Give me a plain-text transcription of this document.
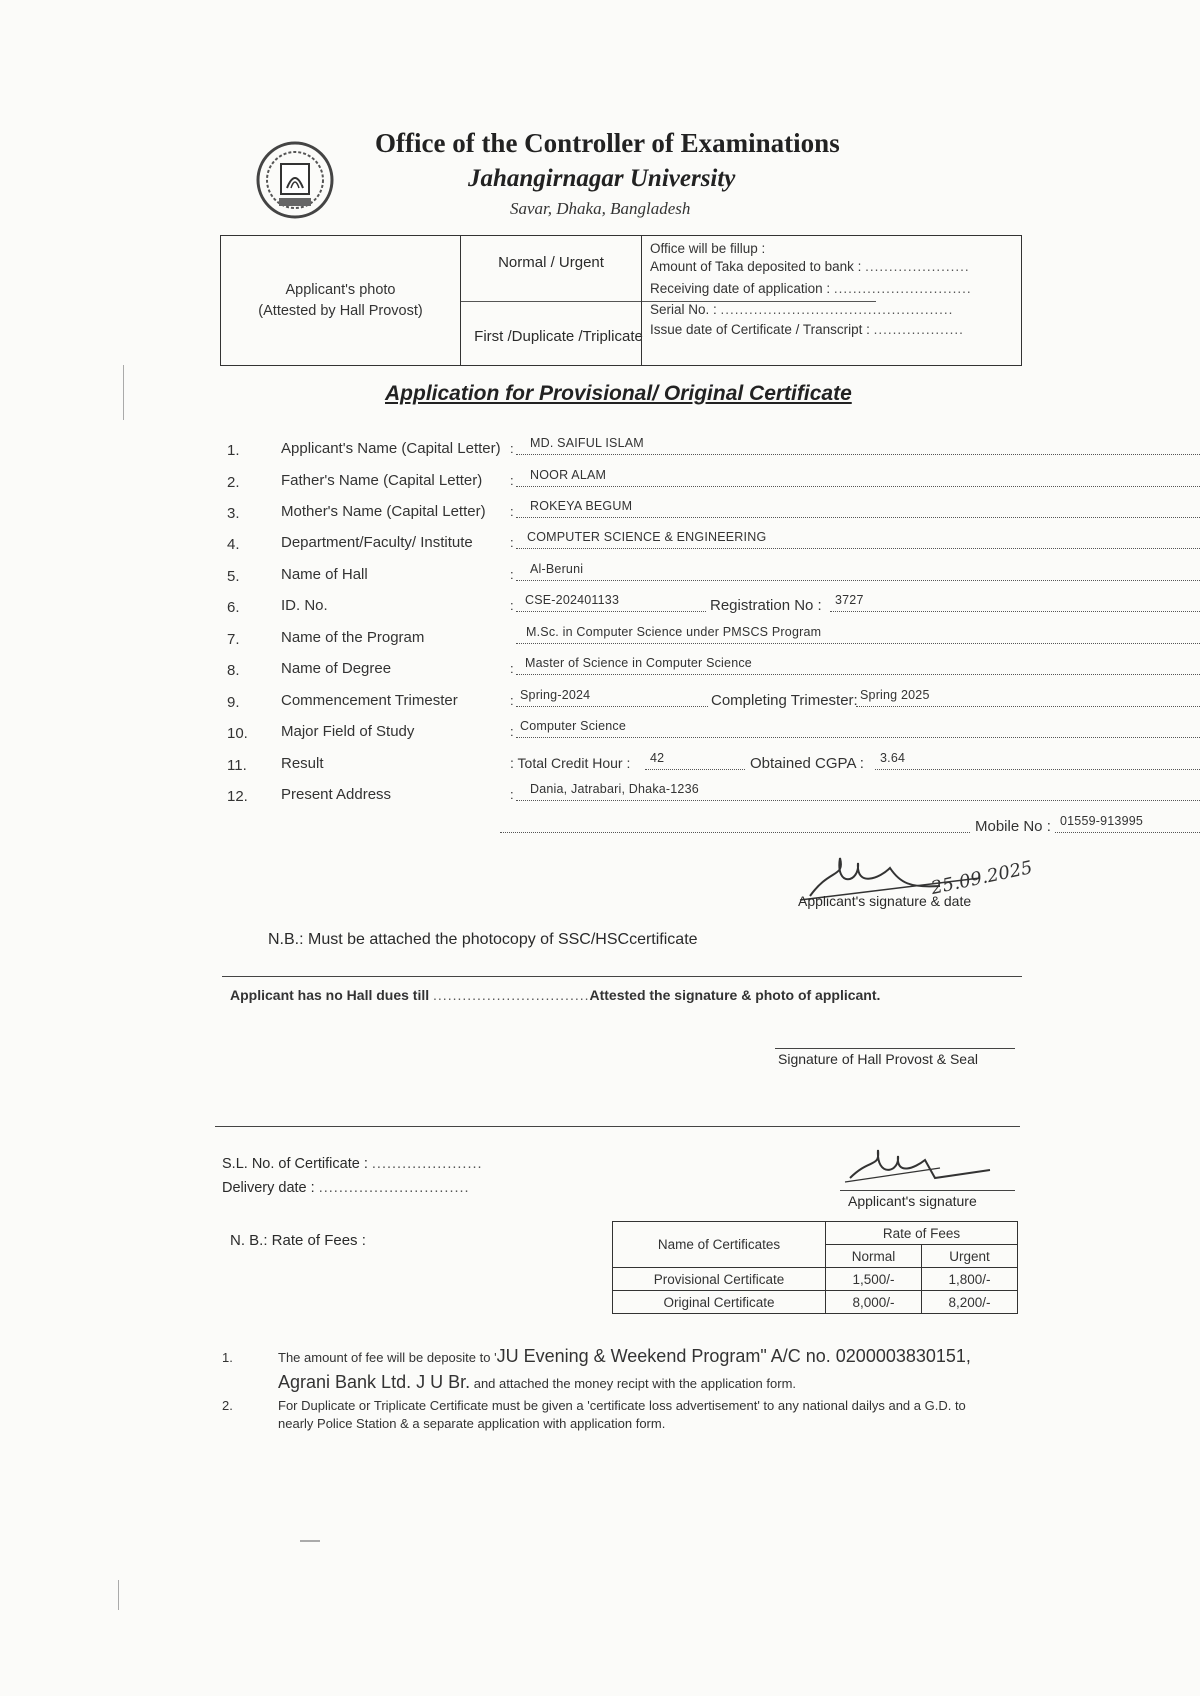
Office of the Controller of Examinations
Jahangirnagar University
Savar, Dhaka, Bangladesh
Applicant's photo
(Attested by Hall Provost)
Normal / Urgent
First /Duplicate /Triplicate
Office will be fillup :
Amount of Taka deposited to bank : ......................
Receiving date of application : .............................
Serial No. : .................................................
Issue date of Certificate / Transcript : ...................
Application for Provisional/ Original Certificate
1.	Applicant's Name (Capital Letter) : MD. SAIFUL ISLAM
2.	Father's Name (Capital Letter) : NOOR ALAM
3.	Mother's Name (Capital Letter) : ROKEYA BEGUM
4.	Department/Faculty/ Institute	: COMPUTER SCIENCE & ENGINEERING
5.	Name of Hall	: Al-Beruni
6.	ID. No.	: CSE-202401133	Registration No : 3727
7.	Name of the Program	M.Sc. in Computer Science under PMSCS Program
8.	Name of Degree	: Master of Science in Computer Science
9.	Commencement Trimester	: Spring-2024	Completing Trimester: Spring 2025
10. Major Field of Study	: Computer Science
11. Result	: Total Credit Hour : 42	Obtained CGPA : 3.64
12. Present Address	: Dania, Jatrabari, Dhaka-1236
Mobile No : 01559-913995
25.09.2025
Applicant's signature & date
N.B.: Must be attached the photocopy of SSC/HSCcertificate
Applicant has no Hall dues till ................................Attested the signature & photo of applicant.
Signature of Hall Provost & Seal
S.L. No. of Certificate : ......................
Delivery date : ..............................
Applicant's signature
N. B.: Rate of Fees :	Name of Certificates	Rate of Fees	
	Normal	Urgent
Provisional Certificate	1,500/-	1,800/-
Original Certificate	8,000/-	8,200/-
1.	The amount of fee will be deposite to 'JU Evening & Weekend Program" A/C no. 0200003830151,
Agrani Bank Ltd. J U Br. and attached the money recipt with the application form.
2.	For Duplicate or Triplicate Certificate must be given a 'certificate loss advertisement' to any national dailys and a G.D. to
nearly Police Station & a separate application with application form.
